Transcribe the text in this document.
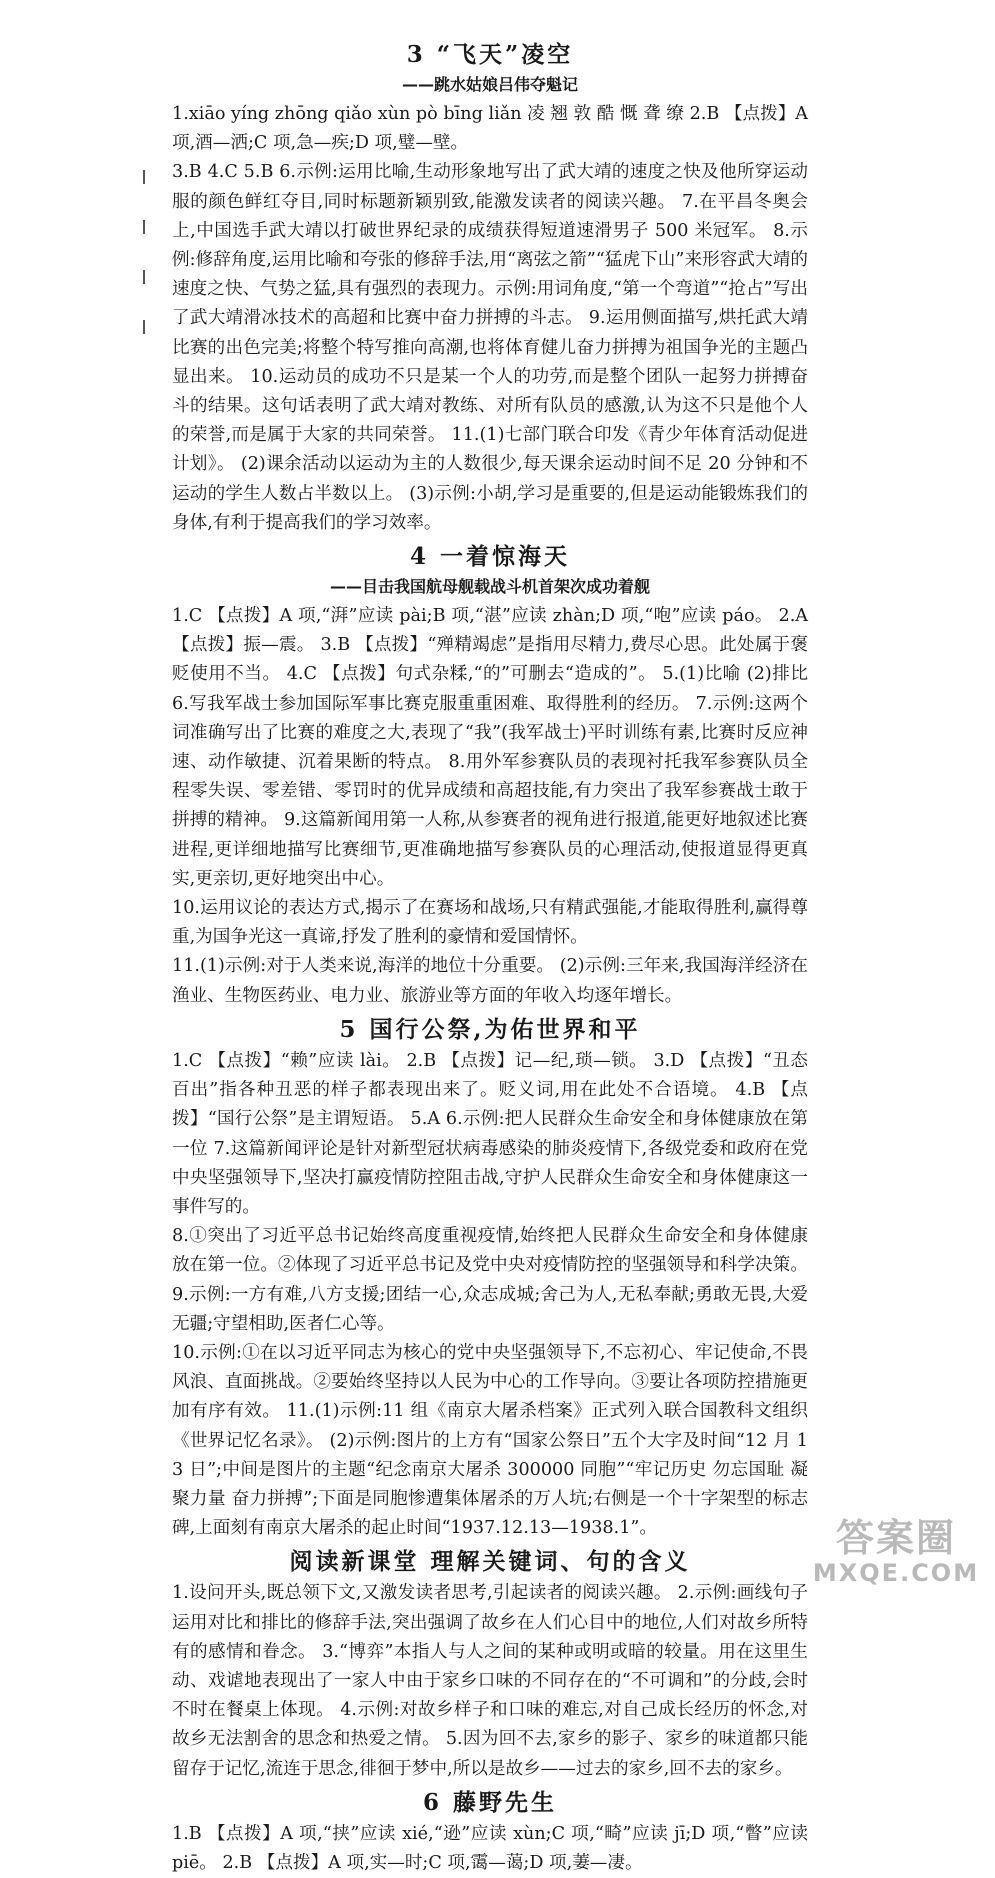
3 “飞天”凌空
——跳水姑娘吕伟夺魁记

1.xiāo yíng zhōng qiǎo xùn pò bīng liǎn 凌 翘 敦 酷 慨 聋 缭 2.B 【点拨】A 项,酒—洒;C 项,急—疾;D 项,璧—壁。

3.B 4.C 5.B 6.示例:运用比喻,生动形象地写出了武大靖的速度之快及他所穿运动服的颜色鲜红夺目,同时标题新颖别致,能激发读者的阅读兴趣。 7.在平昌冬奥会上,中国选手武大靖以打破世界纪录的成绩获得短道速滑男子 500 米冠军。 8.示例:修辞角度,运用比喻和夸张的修辞手法,用“离弦之箭”“猛虎下山”来形容武大靖的速度之快、气势之猛,具有强烈的表现力。示例:用词角度,“第一个弯道”“抢占”写出了武大靖滑冰技术的高超和比赛中奋力拼搏的斗志。 9.运用侧面描写,烘托武大靖比赛的出色完美;将整个特写推向高潮,也将体育健儿奋力拼搏为祖国争光的主题凸显出来。 10.运动员的成功不只是某一个人的功劳,而是整个团队一起努力拼搏奋斗的结果。这句话表明了武大靖对教练、对所有队员的感激,认为这不只是他个人的荣誉,而是属于大家的共同荣誉。 11.(1)七部门联合印发《青少年体育活动促进计划》。 (2)课余活动以运动为主的人数很少,每天课余运动时间不足 20 分钟和不运动的学生人数占半数以上。 (3)示例:小胡,学习是重要的,但是运动能锻炼我们的身体,有利于提高我们的学习效率。

4 一着惊海天
——目击我国航母舰载战斗机首架次成功着舰

1.C 【点拨】A 项,“湃”应读 pài;B 项,“湛”应读 zhàn;D 项,“咆”应读 páo。 2.A 【点拨】振—震。 3.B 【点拨】“殚精竭虑”是指用尽精力,费尽心思。此处属于褒贬使用不当。 4.C 【点拨】句式杂糅,“的”可删去“造成的”。 5.(1)比喻 (2)排比 6.写我军战士参加国际军事比赛克服重重困难、取得胜利的经历。 7.示例:这两个词准确写出了比赛的难度之大,表现了“我”(我军战士)平时训练有素,比赛时反应神速、动作敏捷、沉着果断的特点。 8.用外军参赛队员的表现衬托我军参赛队员全程零失误、零差错、零罚时的优异成绩和高超技能,有力突出了我军参赛战士敢于拼搏的精神。 9.这篇新闻用第一人称,从参赛者的视角进行报道,能更好地叙述比赛进程,更详细地描写比赛细节,更准确地描写参赛队员的心理活动,使报道显得更真实,更亲切,更好地突出中心。

10.运用议论的表达方式,揭示了在赛场和战场,只有精武强能,才能取得胜利,赢得尊重,为国争光这一真谛,抒发了胜利的豪情和爱国情怀。

11.(1)示例:对于人类来说,海洋的地位十分重要。 (2)示例:三年来,我国海洋经济在渔业、生物医药业、电力业、旅游业等方面的年收入均逐年增长。

5 国行公祭,为佑世界和平

1.C 【点拨】“赖”应读 lài。 2.B 【点拨】记—纪,琐—锁。 3.D 【点拨】“丑态百出”指各种丑恶的样子都表现出来了。贬义词,用在此处不合语境。 4.B 【点拨】“国行公祭”是主谓短语。 5.A 6.示例:把人民群众生命安全和身体健康放在第一位 7.这篇新闻评论是针对新型冠状病毒感染的肺炎疫情下,各级党委和政府在党中央坚强领导下,坚决打赢疫情防控阻击战,守护人民群众生命安全和身体健康这一事件写的。

8.①突出了习近平总书记始终高度重视疫情,始终把人民群众生命安全和身体健康放在第一位。②体现了习近平总书记及党中央对疫情防控的坚强领导和科学决策。 9.示例:一方有难,八方支援;团结一心,众志成城;舍己为人,无私奉献;勇敢无畏,大爱无疆;守望相助,医者仁心等。

10.示例:①在以习近平同志为核心的党中央坚强领导下,不忘初心、牢记使命,不畏风浪、直面挑战。②要始终坚持以人民为中心的工作导向。③要让各项防控措施更加有序有效。 11.(1)示例:11 组《南京大屠杀档案》正式列入联合国教科文组织《世界记忆名录》。 (2)示例:图片的上方有“国家公祭日”五个大字及时间“12 月 13 日”;中间是图片的主题“纪念南京大屠杀 300000 同胞”“牢记历史 勿忘国耻 凝聚力量 奋力拼搏”;下面是同胞惨遭集体屠杀的万人坑;右侧是一个十字架型的标志碑,上面刻有南京大屠杀的起止时间“1937.12.13—1938.1”。

阅读新课堂 理解关键词、句的含义

1.设问开头,既总领下文,又激发读者思考,引起读者的阅读兴趣。 2.示例:画线句子运用对比和排比的修辞手法,突出强调了故乡在人们心目中的地位,人们对故乡所特有的感情和眷念。 3.“博弈”本指人与人之间的某种或明或暗的较量。用在这里生动、戏谑地表现出了一家人中由于家乡口味的不同存在的“不可调和”的分歧,会时不时在餐桌上体现。 4.示例:对故乡样子和口味的难忘,对自己成长经历的怀念,对故乡无法割舍的思念和热爱之情。 5.因为回不去,家乡的影子、家乡的味道都只能留存于记忆,流连于思念,徘徊于梦中,所以是故乡——过去的家乡,回不去的家乡。

6 藤野先生

1.B 【点拨】A 项,“挟”应读 xié,“逊”应读 xùn;C 项,“畸”应读 jī;D 项,“瞥”应读 piē。 2.B 【点拨】A 项,实—时;C 项,霭—蔼;D 项,萋—凄。

答案圈
MXQE.COM
